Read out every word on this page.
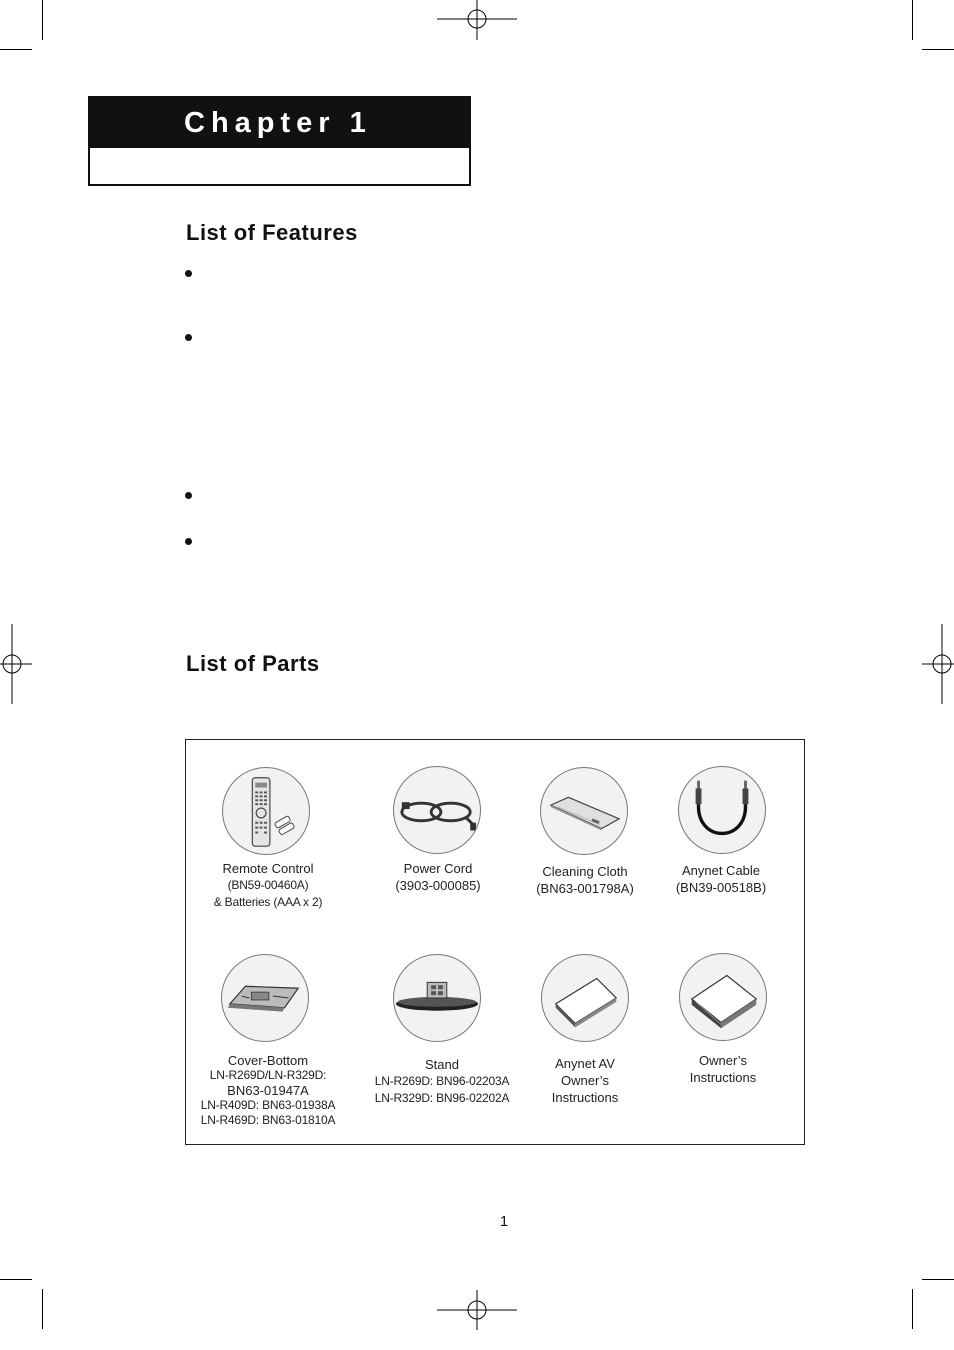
Chapter 1
List of Features
List of Parts
Remote Control
(BN59-00460A)
& Batteries (AAA x 2)
Power Cord
(3903-000085)
Cleaning Cloth
(BN63-001798A)
Anynet Cable
(BN39-00518B)
Cover-Bottom
LN-R269D/LN-R329D:
BN63-01947A
LN-R409D: BN63-01938A
LN-R469D: BN63-01810A
Stand
LN-R269D: BN96-02203A
LN-R329D: BN96-02202A
Anynet AV
Owner’s
Instructions
Owner’s
Instructions
1
